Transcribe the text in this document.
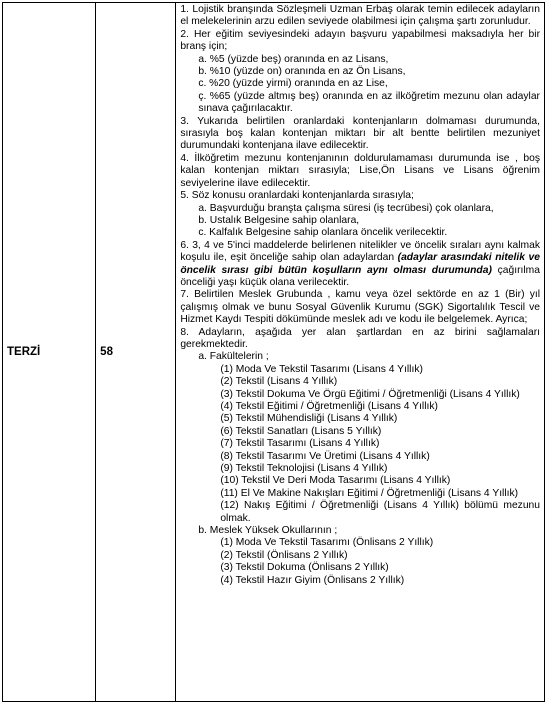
TERZİ	58	

1. Lojistik branşında Sözleşmeli Uzman Erbaş olarak temin edilecek adayların el melekelerinin arzu edilen seviyede olabilmesi için çalışma şartı zorunludur.

2. Her eğitim seviyesindeki adayın başvuru yapabilmesi maksadıyla her bir branş için;

a. %5 (yüzde beş) oranında en az Lisans,

b. %10 (yüzde on) oranında en az Ön Lisans,

c. %20 (yüzde yirmi) oranında en az Lise,

ç. %65 (yüzde altmış beş) oranında en az ilköğretim mezunu olan adaylar sınava çağırılacaktır.

3. Yukarıda belirtilen oranlardaki kontenjanların dolmaması durumunda, sırasıyla boş kalan kontenjan miktarı bir alt bentte belirtilen mezuniyet durumundaki kontenjana ilave edilecektir.

4. İlköğretim mezunu kontenjanının doldurulamaması durumunda ise , boş kalan kontenjan miktarı sırasıyla; Lise,Ön Lisans ve Lisans öğrenim seviyelerine ilave edilecektir.

5. Söz konusu oranlardaki kontenjanlarda sırasıyla;

a. Başvurduğu branşta çalışma süresi (iş tecrübesi) çok olanlara,

b. Ustalık Belgesine sahip olanlara,

c. Kalfalık Belgesine sahip olanlara öncelik verilecektir.

6. 3, 4 ve 5'inci maddelerde belirlenen nitelikler ve öncelik sıraları aynı kalmak koşulu ile, eşit önceliğe sahip olan adaylardan (adaylar arasındaki nitelik ve öncelik sırası gibi bütün koşulların aynı olması durumunda) çağırılma önceliği yaşı küçük olana verilecektir.

7. Belirtilen Meslek Grubunda , kamu veya özel sektörde en az 1 (Bir) yıl çalışmış olmak ve bunu Sosyal Güvenlik Kurumu (SGK) Sigortalılık Tescil ve Hizmet Kaydı Tespiti dökümünde meslek adı ve kodu ile belgelemek. Ayrıca;

8. Adayların, aşağıda yer alan şartlardan en az birini sağlamaları gerekmektedir.

a. Fakültelerin ;

(1) Moda Ve Tekstil Tasarımı (Lisans 4 Yıllık)

(2) Tekstil (Lisans 4 Yıllık)

(3) Tekstil Dokuma Ve Örgü Eğitimi / Öğretmenliği (Lisans 4 Yıllık)

(4) Tekstil Eğitimi / Öğretmenliği (Lisans 4 Yıllık)

(5) Tekstil Mühendisliği (Lisans 4 Yıllık)

(6) Tekstil Sanatları (Lisans 5 Yıllık)

(7) Tekstil Tasarımı (Lisans 4 Yıllık)

(8) Tekstil Tasarımı Ve Üretimi (Lisans 4 Yıllık)

(9) Tekstil Teknolojisi (Lisans 4 Yıllık)

(10) Tekstil Ve Deri Moda Tasarımı (Lisans 4 Yıllık)

(11) El Ve Makine Nakışları Eğitimi / Öğretmenliği (Lisans 4 Yıllık)

(12) Nakış Eğitimi / Öğretmenliği (Lisans 4 Yıllık) bölümü mezunu olmak.

b. Meslek Yüksek Okullarının ;

(1) Moda Ve Tekstil Tasarımı (Önlisans 2 Yıllık)

(2) Tekstil (Önlisans 2 Yıllık)

(3) Tekstil Dokuma (Önlisans 2 Yıllık)

(4) Tekstil Hazır Giyim (Önlisans 2 Yıllık)
